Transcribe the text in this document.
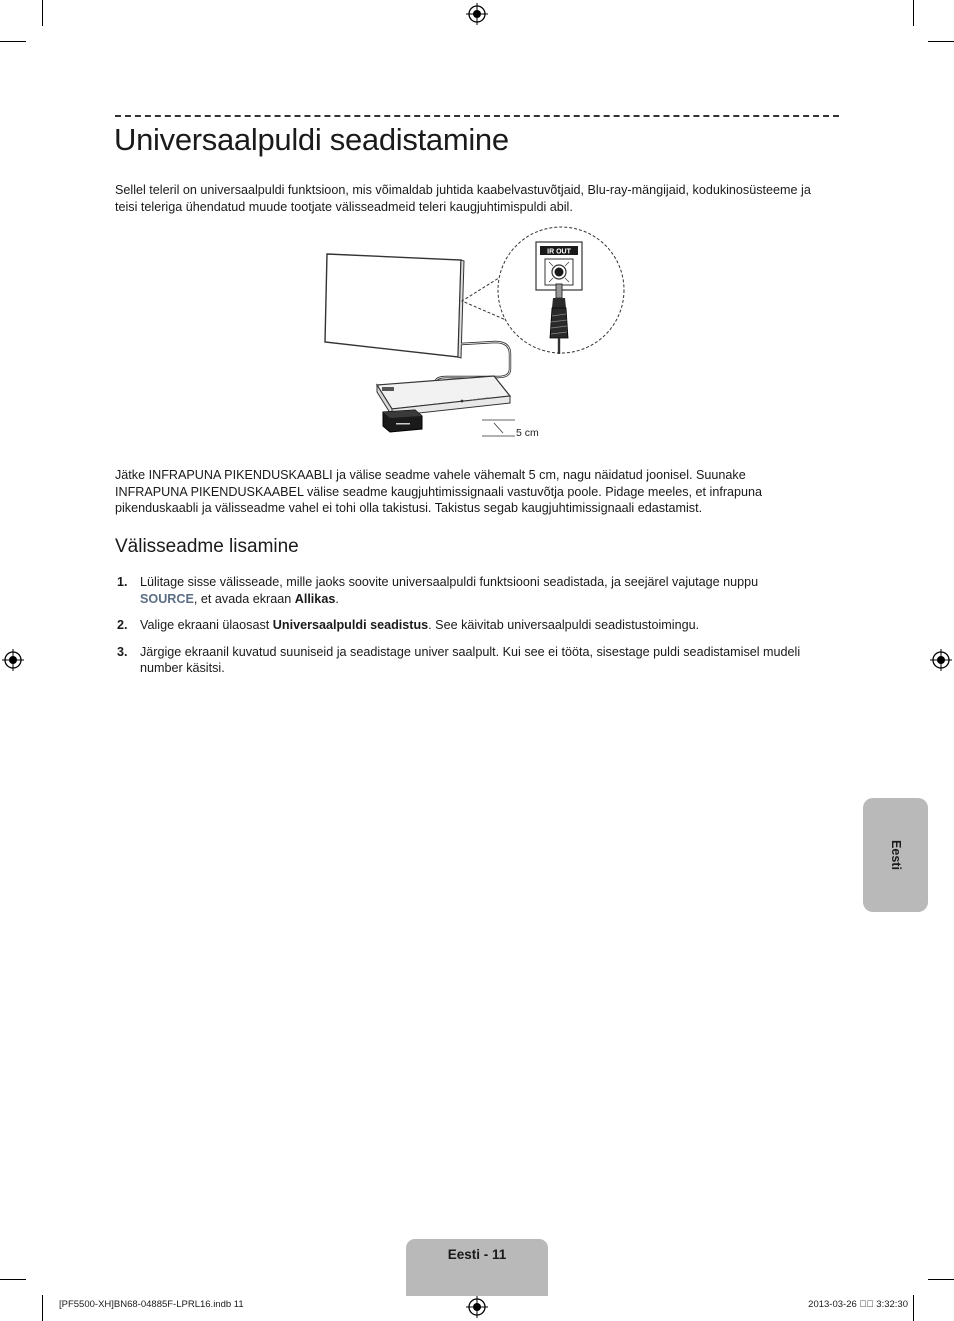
Universaalpuldi seadistamine

Sellel teleril on universaalpuldi funktsioon, mis võimaldab juhtida kaabelvastuvõtjaid, Blu-ray-mängijaid, kodukinosüsteeme ja teisi teleriga ühendatud muude tootjate välisseadmeid teleri kaugjuhtimispuldi abil.

5 cm
IR OUT

Jätke INFRAPUNA PIKENDUSKAABLI ja välise seadme vahele vähemalt 5 cm, nagu näidatud joonisel. Suunake INFRAPUNA PIKENDUSKAABEL välise seadme kaugjuhtimissignaali vastuvõtja poole. Pidage meeles, et infrapuna pikenduskaabli ja välisseadme vahel ei tohi olla takistusi. Takistus segab kaugjuhtimissignaali edastamist.

Välisseadme lisamine
1. Lülitage sisse välisseade, mille jaoks soovite universaalpuldi funktsiooni seadistada, ja seejärel vajutage nuppu SOURCE, et avada ekraan Allikas.
2. Valige ekraani ülaosast Universaalpuldi seadistus. See käivitab universaalpuldi seadistustoimingu.
3. Järgige ekraanil kuvatud suuniseid ja seadistage univer saalpult. Kui see ei tööta, sisestage puldi seadistamisel mudeli number käsitsi.
Eesti
Eesti - 11
[PF5500-XH]BN68-04885F-LPRL16.indb 11	2013-03-26 ￿￿ 3:32:30
